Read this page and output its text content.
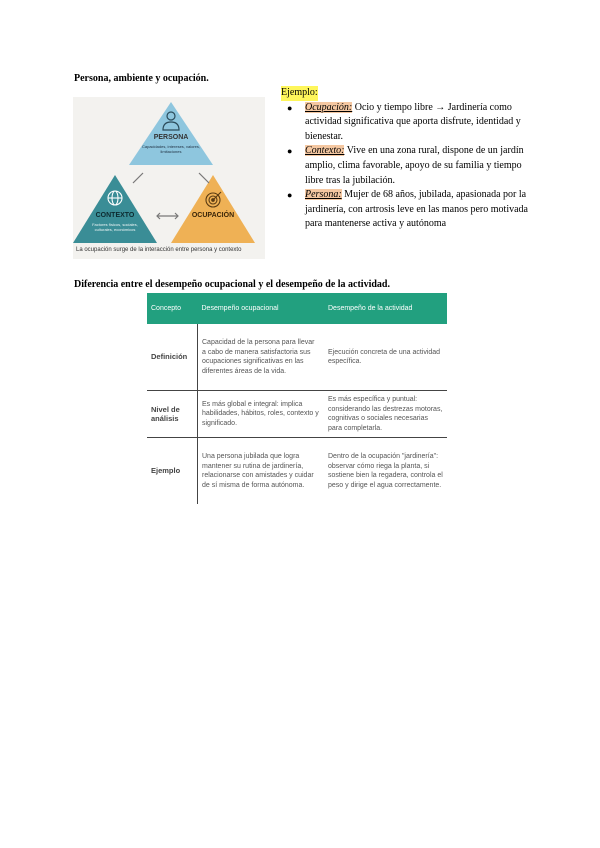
Persona, ambiente y ocupación.
PERSONA
Capacidades, intereses, valores, limitaciones
CONTEXTO
Factores físicos, sociales, culturales, económicos
OCUPACIÓN
La ocupación surge de la interacción entre persona y contexto
Ejemplo:
● Ocupación: Ocio y tiempo libre → Jardinería como actividad significativa que aporta disfrute, identidad y bienestar.
● Contexto: Vive en una zona rural, dispone de un jardín amplio, clima favorable, apoyo de su familia y tiempo libre tras la jubilación.
● Persona: Mujer de 68 años, jubilada, apasionada por la jardinería, con artrosis leve en las manos pero motivada para mantenerse activa y autónoma
Diferencia entre el desempeño ocupacional y el desempeño de la actividad.
Concepto	Desempeño ocupacional	Desempeño de la actividad
Definición	Capacidad de la persona para llevar a cabo de manera satisfactoria sus ocupaciones significativas en las diferentes áreas de la vida.	Ejecución concreta de una actividad específica.
Nivel de análisis	Es más global e integral: implica habilidades, hábitos, roles, contexto y significado.	Es más específica y puntual: considerando las destrezas motoras, cognitivas o sociales necesarias para completarla.
Ejemplo	Una persona jubilada que logra mantener su rutina de jardinería, relacionarse con amistades y cuidar de sí misma de forma autónoma.	Dentro de la ocupación "jardinería": observar cómo riega la planta, si sostiene bien la regadera, controla el peso y dirige el agua correctamente.
